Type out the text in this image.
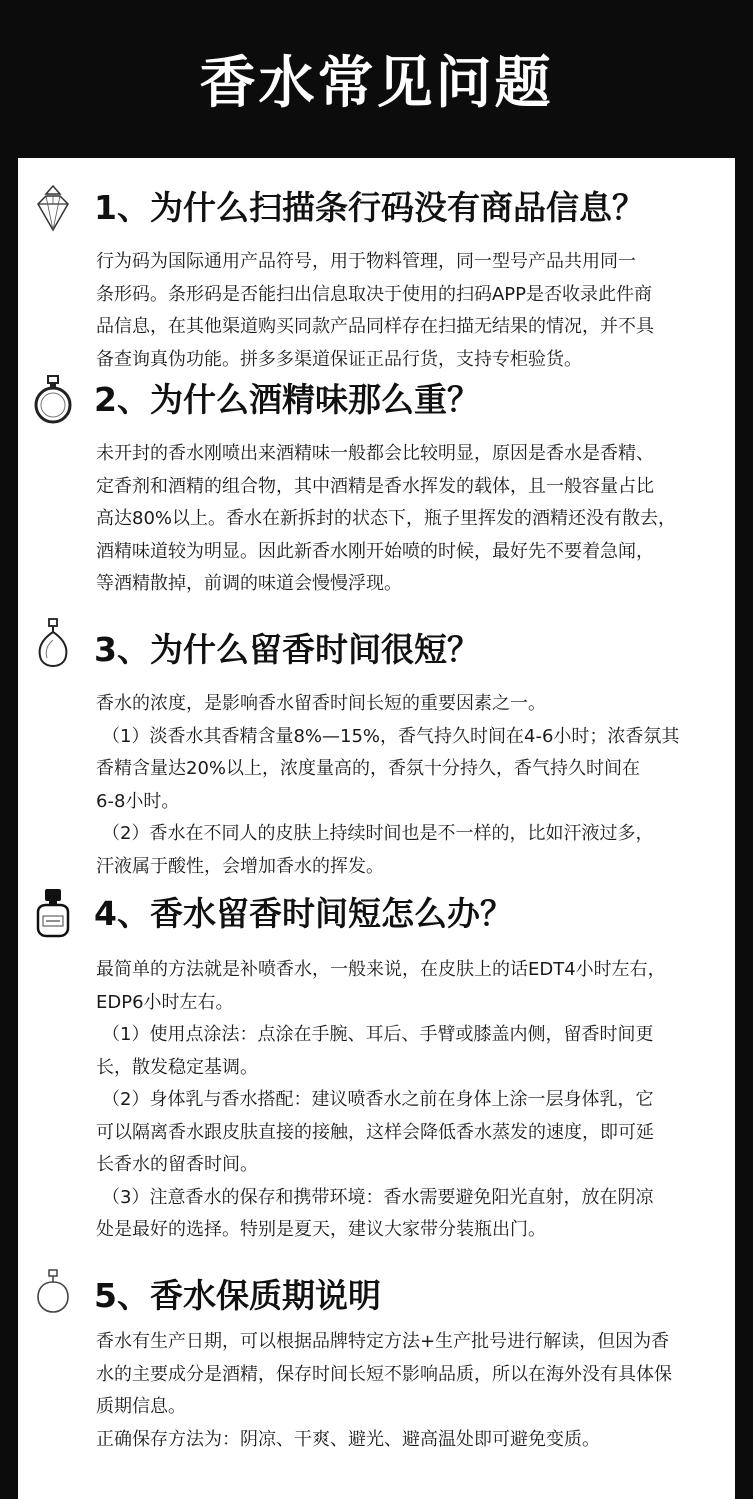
香水常见问题
1、为什么扫描条行码没有商品信息？
行为码为国际通用产品符号，用于物料管理，同一型号产品共用同一
条形码。条形码是否能扫出信息取决于使用的扫码APP是否收录此件商
品信息，在其他渠道购买同款产品同样存在扫描无结果的情况，并不具
备查询真伪功能。拼多多渠道保证正品行货，支持专柜验货。
2、为什么酒精味那么重？
未开封的香水刚喷出来酒精味一般都会比较明显，原因是香水是香精、
定香剂和酒精的组合物，其中酒精是香水挥发的载体，且一般容量占比
高达80%以上。香水在新拆封的状态下，瓶子里挥发的酒精还没有散去，
酒精味道较为明显。因此新香水刚开始喷的时候，最好先不要着急闻，
等酒精散掉，前调的味道会慢慢浮现。
3、为什么留香时间很短？
香水的浓度，是影响香水留香时间长短的重要因素之一。
（1）淡香水其香精含量8%—15%，香气持久时间在4-6小时；浓香氛其
香精含量达20%以上，浓度量高的，香氛十分持久，香气持久时间在
6-8小时。
（2）香水在不同人的皮肤上持续时间也是不一样的，比如汗液过多，
汗液属于酸性，会增加香水的挥发。
4、香水留香时间短怎么办？
最简单的方法就是补喷香水，一般来说，在皮肤上的话EDT4小时左右，
EDP6小时左右。
（1）使用点涂法：点涂在手腕、耳后、手臂或膝盖内侧，留香时间更
长，散发稳定基调。
（2）身体乳与香水搭配：建议喷香水之前在身体上涂一层身体乳，它
可以隔离香水跟皮肤直接的接触，这样会降低香水蒸发的速度，即可延
长香水的留香时间。
（3）注意香水的保存和携带环境：香水需要避免阳光直射，放在阴凉
处是最好的选择。特别是夏天，建议大家带分装瓶出门。
5、香水保质期说明
香水有生产日期，可以根据品牌特定方法+生产批号进行解读，但因为香
水的主要成分是酒精，保存时间长短不影响品质，所以在海外没有具体保
质期信息。
正确保存方法为：阴凉、干爽、避光、避高温处即可避免变质。
